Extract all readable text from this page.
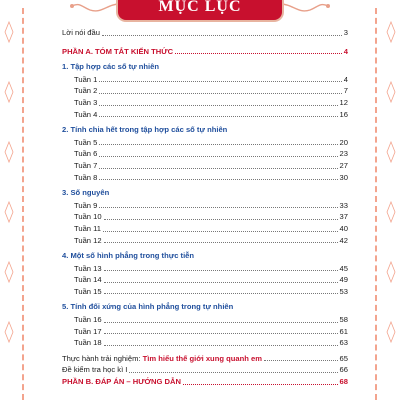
MỤC LỤC
Lời nói đầu	3
PHẦN A. TÓM TẮT KIẾN THỨC	4
1. Tập hợp các số tự nhiên
Tuần 1	4
Tuần 2	7
Tuần 3	12
Tuần 4	16
2. Tính chia hết trong tập hợp các số tự nhiên
Tuần 5	20
Tuần 6	23
Tuần 7	27
Tuần 8	30
3. Số nguyên
Tuần 9	33
Tuần 10	37
Tuần 11	40
Tuần 12	42
4. Một số hình phẳng trong thực tiễn
Tuần 13	45
Tuần 14	49
Tuần 15	53
5. Tính đối xứng của hình phẳng trong tự nhiên
Tuần 16	58
Tuần 17	61
Tuần 18	63
Thực hành trải nghiệm: Tìm hiểu thế giới xung quanh em	65
Đề kiểm tra học kì I	66
PHẦN B. ĐÁP ÁN – HƯỚNG DẪN	68
